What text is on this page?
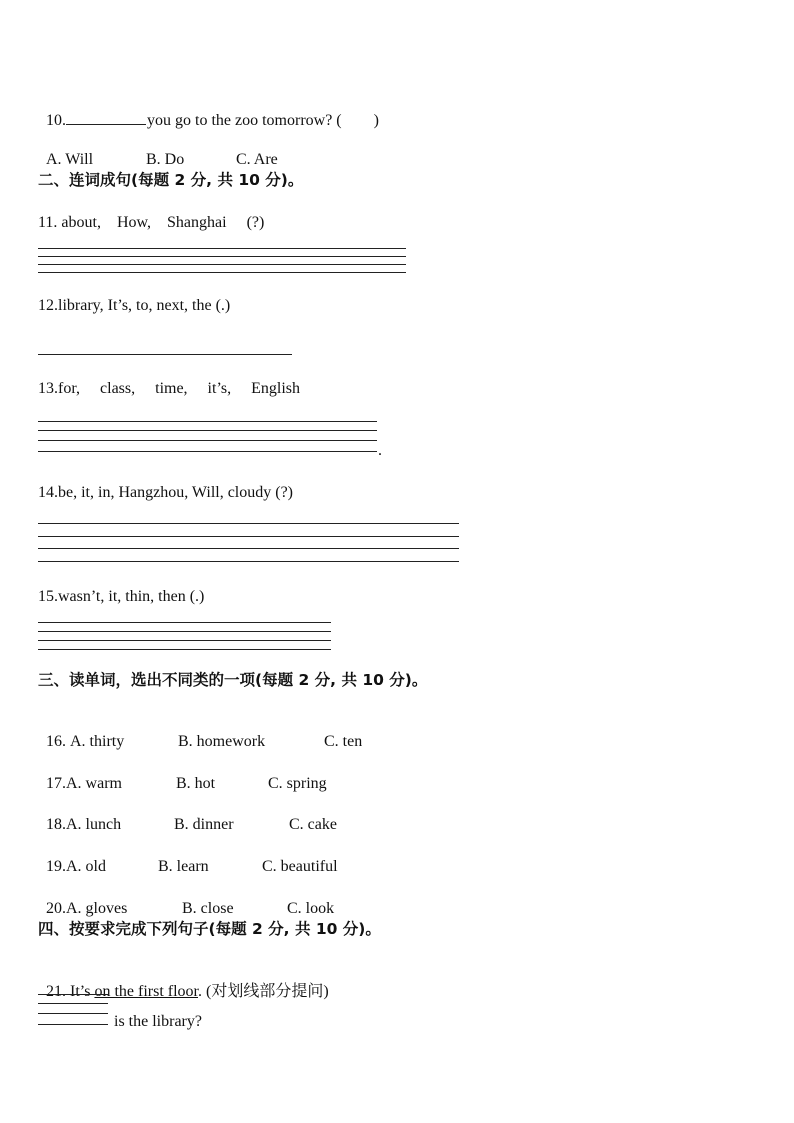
10.	you go to the zoo tomorrow? ( )

A. Will	B. Do	C. Are

二、连词成句(每题 2 分, 共 10 分)。
11. about,    How,    Shanghai     (?)
12.library, It’s, to, next, the (.)
13.for,     class,     time,     it’s,     English
.
14.be, it, in, Hangzhou, Will, cloudy (?)
15.wasn’t, it, thin, then (.)
三、读单词，选出不同类的一项(每题 2 分, 共 10 分)。

16. A. thirty	B. homework	C. ten

17.A. warm	B. hot	C. spring

18.A. lunch	B. dinner	C. cake

19.A. old	B. learn	C. beautiful

20.A. gloves	B. close	C. look

四、按要求完成下列句子(每题 2 分, 共 10 分)。

21. It’s on the first floor. (对划线部分提问)

is the library?
